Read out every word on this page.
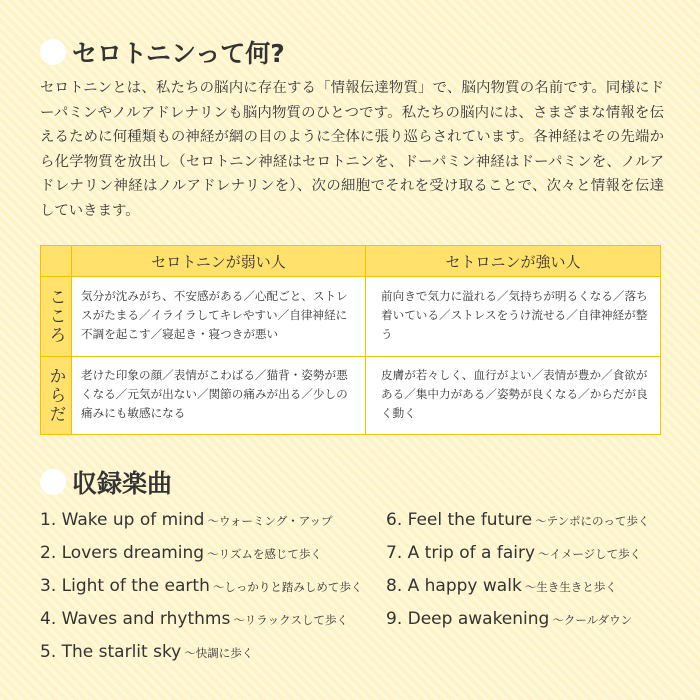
セロトニンって何?

セロトニンとは、私たちの脳内に存在する「情報伝達物質」で、脳内物質の名前です。同様にドーパミンやノルアドレナリンも脳内物質のひとつです。私たちの脳内には、さまざまな情報を伝えるために何種類もの神経が網の目のように全体に張り巡らされています。各神経はその先端から化学物質を放出し（セロトニン神経はセロトニンを、ドーパミン神経はドーパミンを、ノルアドレナリン神経はノルアドレナリンを）、次の細胞でそれを受け取ることで、次々と情報を伝達していきます。

セロトニンが弱い人	セトロニンが強い人
こころ
からだ
気分が沈みがち、不安感がある／心配ごと、ストレスがたまる／イライラしてキレやすい／自律神経に不調を起こす／寝起き・寝つきが悪い
前向きで気力に溢れる／気持ちが明るくなる／落ち着いている／ストレスをうけ流せる／自律神経が整う
老けた印象の顔／表情がこわばる／猫背・姿勢が悪くなる／元気が出ない／関節の痛みが出る／少しの痛みにも敏感になる
皮膚が若々しく、血行がよい／表情が豊か／食欲がある／集中力がある／姿勢が良くなる／からだが良く動く
収録楽曲
1. Wake up of mind ～ウォーミング・アップ
2. Lovers dreaming ～リズムを感じて歩く
3. Light of the earth ～しっかりと踏みしめて歩く
4. Waves and rhythms ～リラックスして歩く
5. The starlit sky ～快調に歩く
6. Feel the future ～テンポにのって歩く
7. A trip of a fairy ～イメージして歩く
8. A happy walk ～生き生きと歩く
9. Deep awakening ～クールダウン
